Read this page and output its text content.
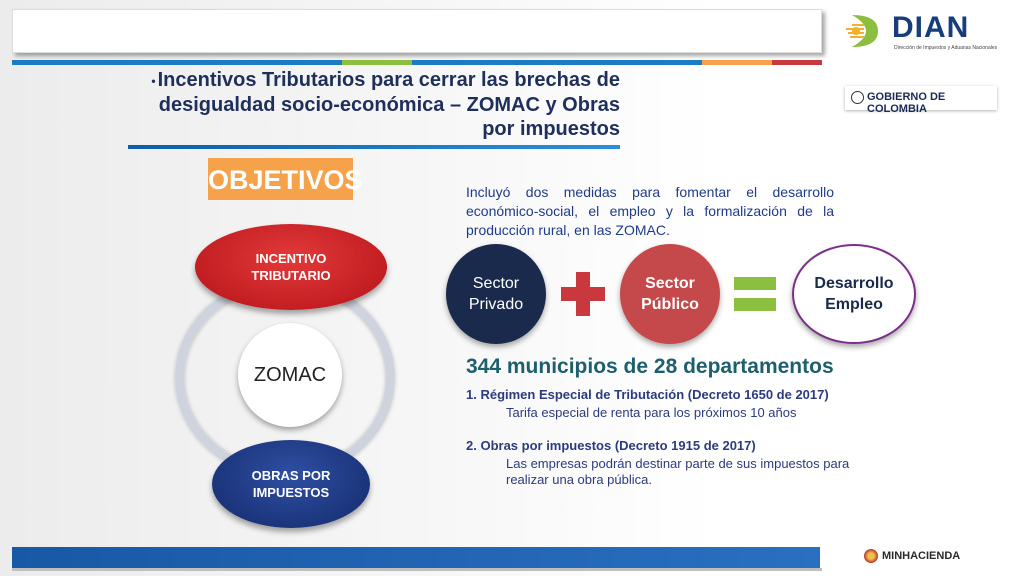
DIAN
Dirección de Impuestos y Aduanas Nacionales
GOBIERNO DE COLOMBIA
• Incentivos Tributarios para cerrar las brechas de desigualdad socio-económica – ZOMAC y Obras por impuestos
OBJETIVOS
INCENTIVO TRIBUTARIO
ZOMAC
OBRAS POR IMPUESTOS
Incluyó dos medidas para fomentar el desarrollo económico-social, el empleo y la formalización de la producción rural, en las ZOMAC.
Sector Privado
Sector Público
Desarrollo Empleo
344 municipios de 28 departamentos
1. Régimen Especial de Tributación (Decreto 1650 de 2017)
Tarifa especial de renta para los próximos 10 años
2. Obras por impuestos (Decreto 1915 de 2017)
Las empresas podrán destinar parte de sus impuestos para realizar una obra pública.
MINHACIENDA
